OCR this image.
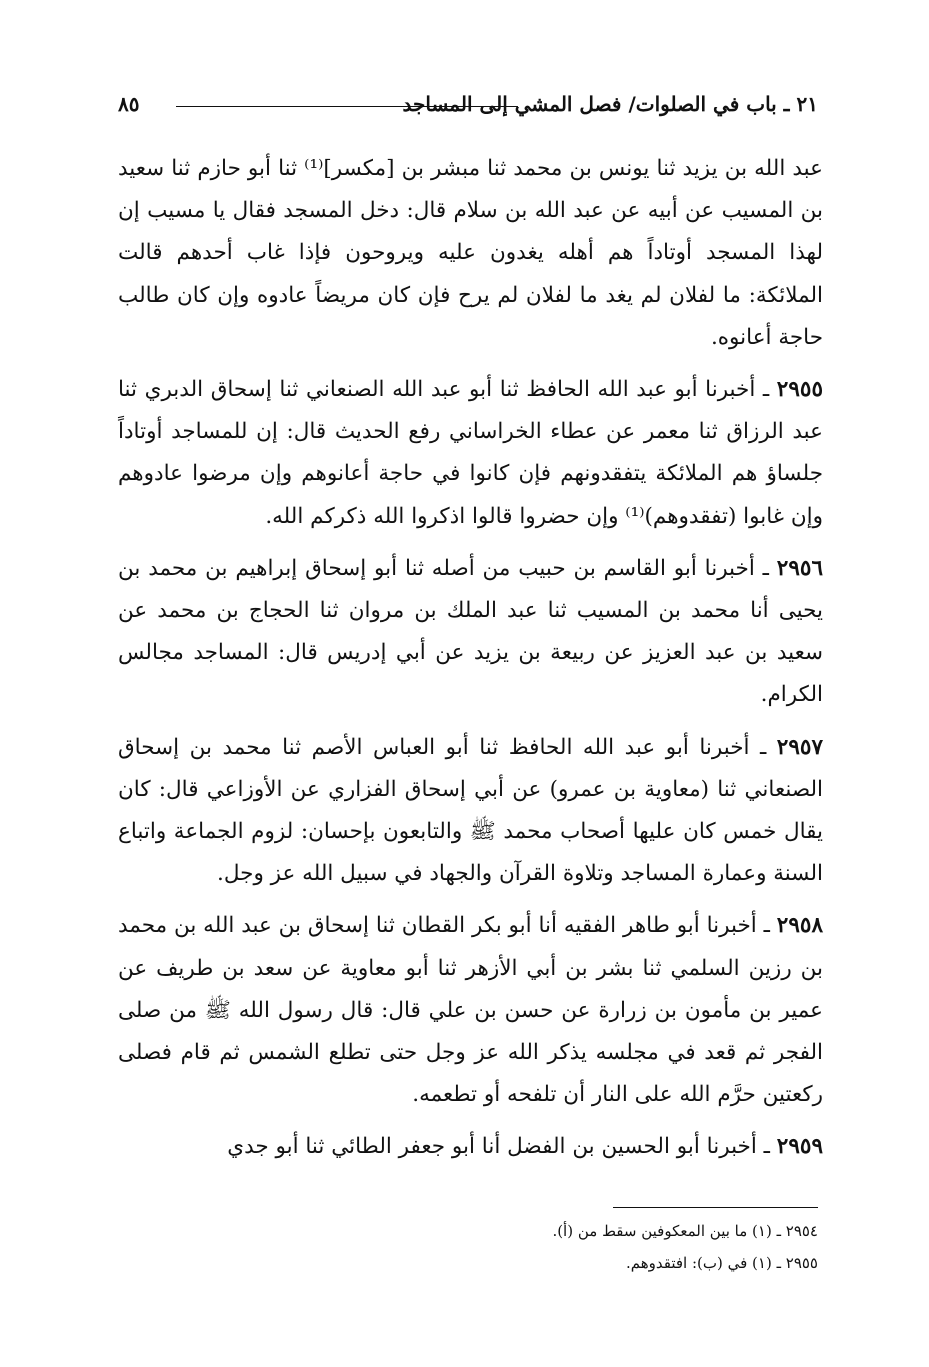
٢١ ـ باب في الصلوات/ فصل المشي إلى المساجد
٨٥

عبد الله بن يزيد ثنا يونس بن محمد ثنا مبشر بن [مكسر]⁽¹⁾ ثنا أبو حازم ثنا سعيد بن المسيب عن أبيه عن عبد الله بن سلام قال: دخل المسجد فقال يا مسيب إن لهذا المسجد أوتاداً هم أهله يغدون عليه ويروحون فإذا غاب أحدهم قالت الملائكة: ما لفلان لم يغد ما لفلان لم يرح فإن كان مريضاً عادوه وإن كان طالب حاجة أعانوه.

٢٩٥٥ ـ أخبرنا أبو عبد الله الحافظ ثنا أبو عبد الله الصنعاني ثنا إسحاق الدبري ثنا عبد الرزاق ثنا معمر عن عطاء الخراساني رفع الحديث قال: إن للمساجد أوتاداً جلساؤ هم الملائكة يتفقدونهم فإن كانوا في حاجة أعانوهم وإن مرضوا عادوهم وإن غابوا (تفقدوهم)⁽¹⁾ وإن حضروا قالوا اذكروا الله ذكركم الله.

٢٩٥٦ ـ أخبرنا أبو القاسم بن حبيب من أصله ثنا أبو إسحاق إبراهيم بن محمد بن يحيى أنا محمد بن المسيب ثنا عبد الملك بن مروان ثنا الحجاج بن محمد عن سعيد بن عبد العزيز عن ربيعة بن يزيد عن أبي إدريس قال: المساجد مجالس الكرام.

٢٩٥٧ ـ أخبرنا أبو عبد الله الحافظ ثنا أبو العباس الأصم ثنا محمد بن إسحاق الصنعاني ثنا (معاوية بن عمرو) عن أبي إسحاق الفزاري عن الأوزاعي قال: كان يقال خمس كان عليها أصحاب محمد ﷺ والتابعون بإحسان: لزوم الجماعة واتباع السنة وعمارة المساجد وتلاوة القرآن والجهاد في سبيل الله عز وجل.

٢٩٥٨ ـ أخبرنا أبو طاهر الفقيه أنا أبو بكر القطان ثنا إسحاق بن عبد الله بن محمد بن رزين السلمي ثنا بشر بن أبي الأزهر ثنا أبو معاوية عن سعد بن طريف عن عمير بن مأمون بن زرارة عن حسن بن علي قال: قال رسول الله ﷺ من صلى الفجر ثم قعد في مجلسه يذكر الله عز وجل حتى تطلع الشمس ثم قام فصلى ركعتين حرَّم الله على النار أن تلفحه أو تطعمه.

٢٩٥٩ ـ أخبرنا أبو الحسين بن الفضل أنا أبو جعفر الطائي ثنا أبو جدي

٢٩٥٤ ـ (١) ما بين المعكوفين سقط من (أ).

٢٩٥٥ ـ (١) في (ب): افتقدوهم.
